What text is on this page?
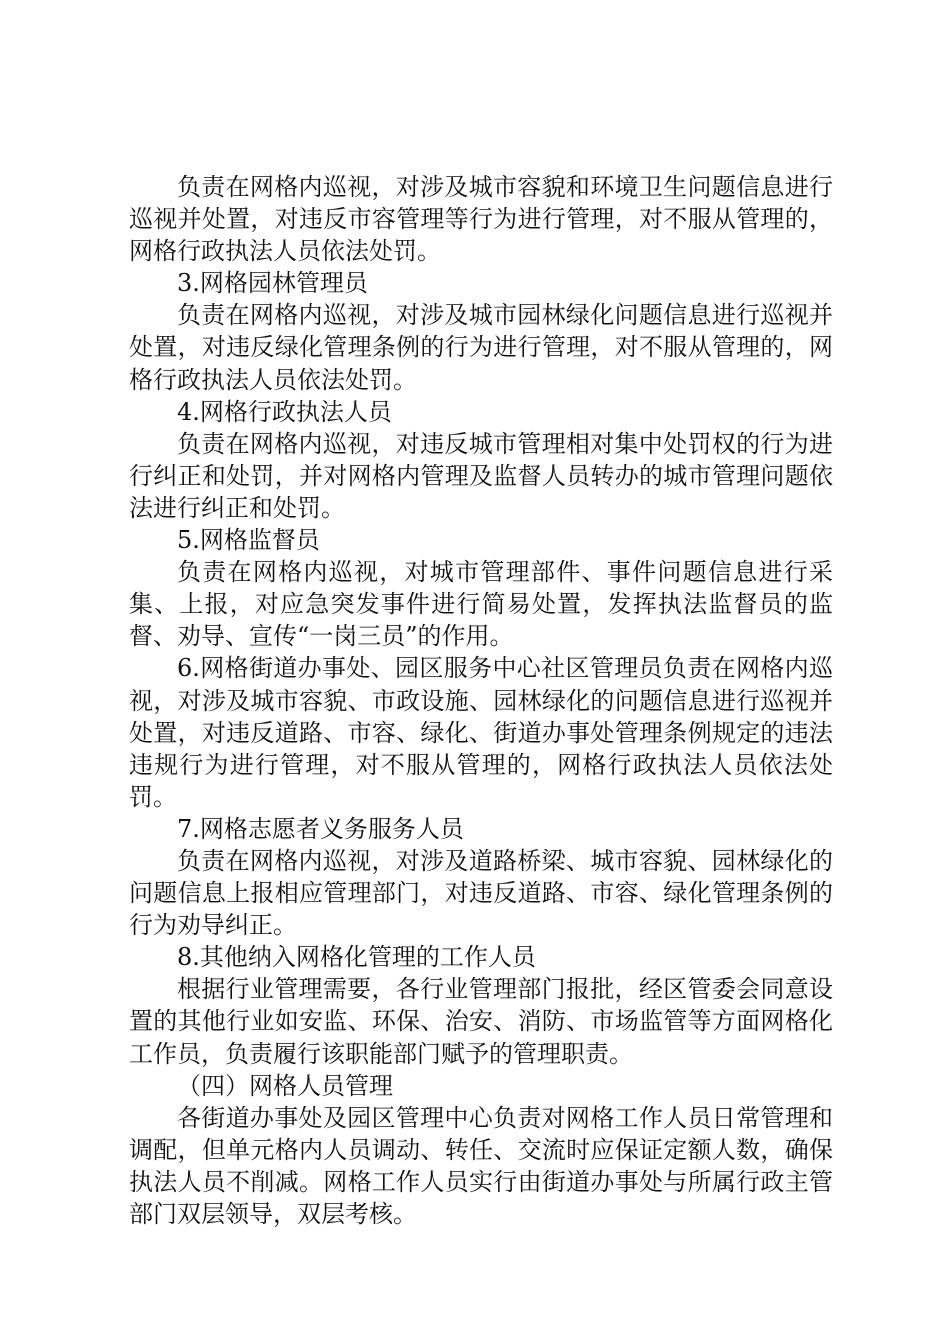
负责在网格内巡视，对涉及城市容貌和环境卫生问题信息进行巡视并处置，对违反市容管理等行为进行管理，对不服从管理的，网格行政执法人员依法处罚。

3.网格园林管理员

负责在网格内巡视，对涉及城市园林绿化问题信息进行巡视并处置，对违反绿化管理条例的行为进行管理，对不服从管理的，网格行政执法人员依法处罚。

4.网格行政执法人员

负责在网格内巡视，对违反城市管理相对集中处罚权的行为进行纠正和处罚，并对网格内管理及监督人员转办的城市管理问题依法进行纠正和处罚。

5.网格监督员

负责在网格内巡视，对城市管理部件、事件问题信息进行采集、上报，对应急突发事件进行简易处置，发挥执法监督员的监督、劝导、宣传“一岗三员”的作用。

6.网格街道办事处、园区服务中心社区管理员负责在网格内巡视，对涉及城市容貌、市政设施、园林绿化的问题信息进行巡视并处置，对违反道路、市容、绿化、街道办事处管理条例规定的违法违规行为进行管理，对不服从管理的，网格行政执法人员依法处罚。

7.网格志愿者义务服务人员

负责在网格内巡视，对涉及道路桥梁、城市容貌、园林绿化的问题信息上报相应管理部门，对违反道路、市容、绿化管理条例的行为劝导纠正。

8.其他纳入网格化管理的工作人员

根据行业管理需要，各行业管理部门报批，经区管委会同意设置的其他行业如安监、环保、治安、消防、市场监管等方面网格化工作员，负责履行该职能部门赋予的管理职责。

（四）网格人员管理

各街道办事处及园区管理中心负责对网格工作人员日常管理和调配，但单元格内人员调动、转任、交流时应保证定额人数，确保执法人员不削减。网格工作人员实行由街道办事处与所属行政主管部门双层领导，双层考核。
